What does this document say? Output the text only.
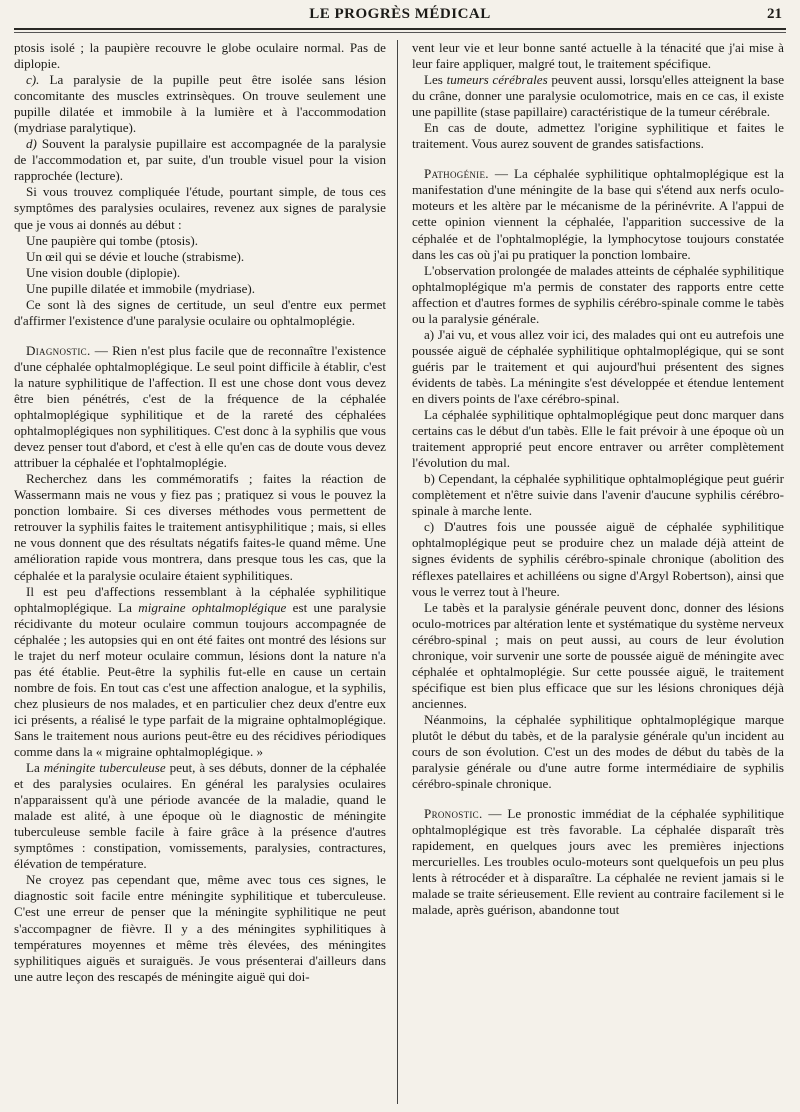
LE PROGRÈS MÉDICAL	21

ptosis isolé ; la paupière recouvre le globe oculaire normal. Pas de diplopie.

c). La paralysie de la pupille peut être isolée sans lésion concomitante des muscles extrinsèques. On trouve seulement une pupille dilatée et immobile à la lumière et à l'accommodation (mydriase paralytique).

d) Souvent la paralysie pupillaire est accompagnée de la paralysie de l'accommodation et, par suite, d'un trouble visuel pour la vision rapprochée (lecture).

Si vous trouvez compliquée l'étude, pourtant simple, de tous ces symptômes des paralysies oculaires, revenez aux signes de paralysie que je vous ai donnés au début :

Une paupière qui tombe (ptosis).

Un œil qui se dévie et louche (strabisme).

Une vision double (diplopie).

Une pupille dilatée et immobile (mydriase).

Ce sont là des signes de certitude, un seul d'entre eux permet d'affirmer l'existence d'une paralysie oculaire ou ophtalmoplégie.

Diagnostic. — Rien n'est plus facile que de reconnaître l'existence d'une céphalée ophtalmoplégique. Le seul point difficile à établir, c'est la nature syphilitique de l'affection. Il est une chose dont vous devez être bien pénétrés, c'est de la fréquence de la céphalée ophtalmoplégique syphilitique et de la rareté des céphalées ophtalmoplégiques non syphilitiques. C'est donc à la syphilis que vous devez penser tout d'abord, et c'est à elle qu'en cas de doute vous devez attribuer la céphalée et l'ophtalmoplégie.

Recherchez dans les commémoratifs ; faites la réaction de Wassermann mais ne vous y fiez pas ; pratiquez si vous le pouvez la ponction lombaire. Si ces diverses méthodes vous permettent de retrouver la syphilis faites le traitement antisyphilitique ; mais, si elles ne vous donnent que des résultats négatifs faites-le quand même. Une amélioration rapide vous montrera, dans presque tous les cas, que la céphalée et la paralysie oculaire étaient syphilitiques.

Il est peu d'affections ressemblant à la céphalée syphilitique ophtalmoplégique. La migraine ophtalmoplégique est une paralysie récidivante du moteur oculaire commun toujours accompagnée de céphalée ; les autopsies qui en ont été faites ont montré des lésions sur le trajet du nerf moteur oculaire commun, lésions dont la nature n'a pas été établie. Peut-être la syphilis fut-elle en cause un certain nombre de fois. En tout cas c'est une affection analogue, et la syphilis, chez plusieurs de nos malades, et en particulier chez deux d'entre eux ici présents, a réalisé le type parfait de la migraine ophtalmoplégique. Sans le traitement nous aurions peut-être eu des récidives périodiques comme dans la « migraine ophtalmoplégique. »

La méningite tuberculeuse peut, à ses débuts, donner de la céphalée et des paralysies oculaires. En général les paralysies oculaires n'apparaissent qu'à une période avancée de la maladie, quand le malade est alité, à une époque où le diagnostic de méningite tuberculeuse semble facile à faire grâce à la présence d'autres symptômes : constipation, vomissements, paralysies, contractures, élévation de température.

Ne croyez pas cependant que, même avec tous ces signes, le diagnostic soit facile entre méningite syphilitique et tuberculeuse. C'est une erreur de penser que la méningite syphilitique ne peut s'accompagner de fièvre. Il y a des méningites syphilitiques à températures moyennes et même très élevées, des méningites syphilitiques aiguës et suraiguës. Je vous présenterai d'ailleurs dans une autre leçon des rescapés de méningite aiguë qui doi-

vent leur vie et leur bonne santé actuelle à la ténacité que j'ai mise à leur faire appliquer, malgré tout, le traitement spécifique.

Les tumeurs cérébrales peuvent aussi, lorsqu'elles atteignent la base du crâne, donner une paralysie oculomotrice, mais en ce cas, il existe une papillite (stase papillaire) caractéristique de la tumeur cérébrale.

En cas de doute, admettez l'origine syphilitique et faites le traitement. Vous aurez souvent de grandes satisfactions.

Pathogénie. — La céphalée syphilitique ophtalmoplégique est la manifestation d'une méningite de la base qui s'étend aux nerfs oculo-moteurs et les altère par le mécanisme de la périnévrite. A l'appui de cette opinion viennent la céphalée, l'apparition successive de la céphalée et de l'ophtalmoplégie, la lymphocytose toujours constatée dans les cas où j'ai pu pratiquer la ponction lombaire.

L'observation prolongée de malades atteints de céphalée syphilitique ophtalmoplégique m'a permis de constater des rapports entre cette affection et d'autres formes de syphilis cérébro-spinale comme le tabès ou la paralysie générale.

a) J'ai vu, et vous allez voir ici, des malades qui ont eu autrefois une poussée aiguë de céphalée syphilitique ophtalmoplégique, qui se sont guéris par le traitement et qui aujourd'hui présentent des signes évidents de tabès. La méningite s'est développée et étendue lentement en divers points de l'axe cérébro-spinal.

La céphalée syphilitique ophtalmoplégique peut donc marquer dans certains cas le début d'un tabès. Elle le fait prévoir à une époque où un traitement approprié peut encore entraver ou arrêter complètement l'évolution du mal.

b) Cependant, la céphalée syphilitique ophtalmoplégique peut guérir complètement et n'être suivie dans l'avenir d'aucune syphilis cérébro-spinale à marche lente.

c) D'autres fois une poussée aiguë de céphalée syphilitique ophtalmoplégique peut se produire chez un malade déjà atteint de signes évidents de syphilis cérébro-spinale chronique (abolition des réflexes patellaires et achilléens ou signe d'Argyl Robertson), ainsi que vous le verrez tout à l'heure.

Le tabès et la paralysie générale peuvent donc, donner des lésions oculo-motrices par altération lente et systématique du système nerveux cérébro-spinal ; mais on peut aussi, au cours de leur évolution chronique, voir survenir une sorte de poussée aiguë de méningite avec céphalée et ophtalmoplégie. Sur cette poussée aiguë, le traitement spécifique est bien plus efficace que sur les lésions chroniques déjà anciennes.

Néanmoins, la céphalée syphilitique ophtalmoplégique marque plutôt le début du tabès, et de la paralysie générale qu'un incident au cours de son évolution. C'est un des modes de début du tabès de la paralysie générale ou d'une autre forme intermédiaire de syphilis cérébro-spinale chronique.

Pronostic. — Le pronostic immédiat de la céphalée syphilitique ophtalmoplégique est très favorable. La céphalée disparaît très rapidement, en quelques jours avec les premières injections mercurielles. Les troubles oculo-moteurs sont quelquefois un peu plus lents à rétrocéder et à disparaître. La céphalée ne revient jamais si le malade se traite sérieusement. Elle revient au contraire facilement si le malade, après guérison, abandonne tout
